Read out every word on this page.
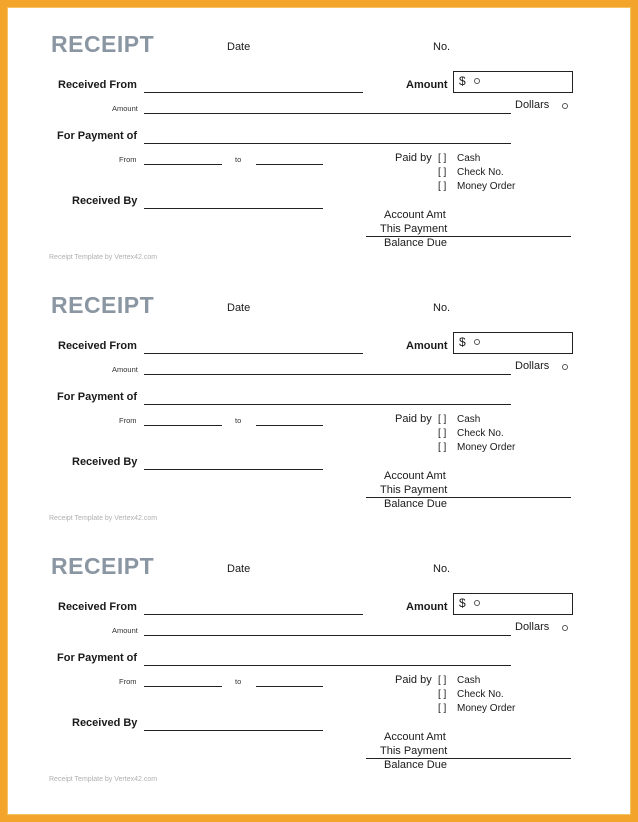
RECEIPT	Date	No.
Received From	Amount $
Amount	Dollars
For Payment of
From	to	Paid by [ ] Cash
[ ] Check No.
[ ] Money Order
Received By
Account Amt
This Payment
Balance Due
Receipt Template by Vertex42.com
RECEIPT	Date	No.
Received From	Amount $
Amount	Dollars
For Payment of
From	to	Paid by [ ] Cash
[ ] Check No.
[ ] Money Order
Received By
Account Amt
This Payment
Balance Due
Receipt Template by Vertex42.com
RECEIPT	Date	No.
Received From	Amount $
Amount	Dollars
For Payment of
From	to	Paid by [ ] Cash
[ ] Check No.
[ ] Money Order
Received By
Account Amt
This Payment
Balance Due
Receipt Template by Vertex42.com
